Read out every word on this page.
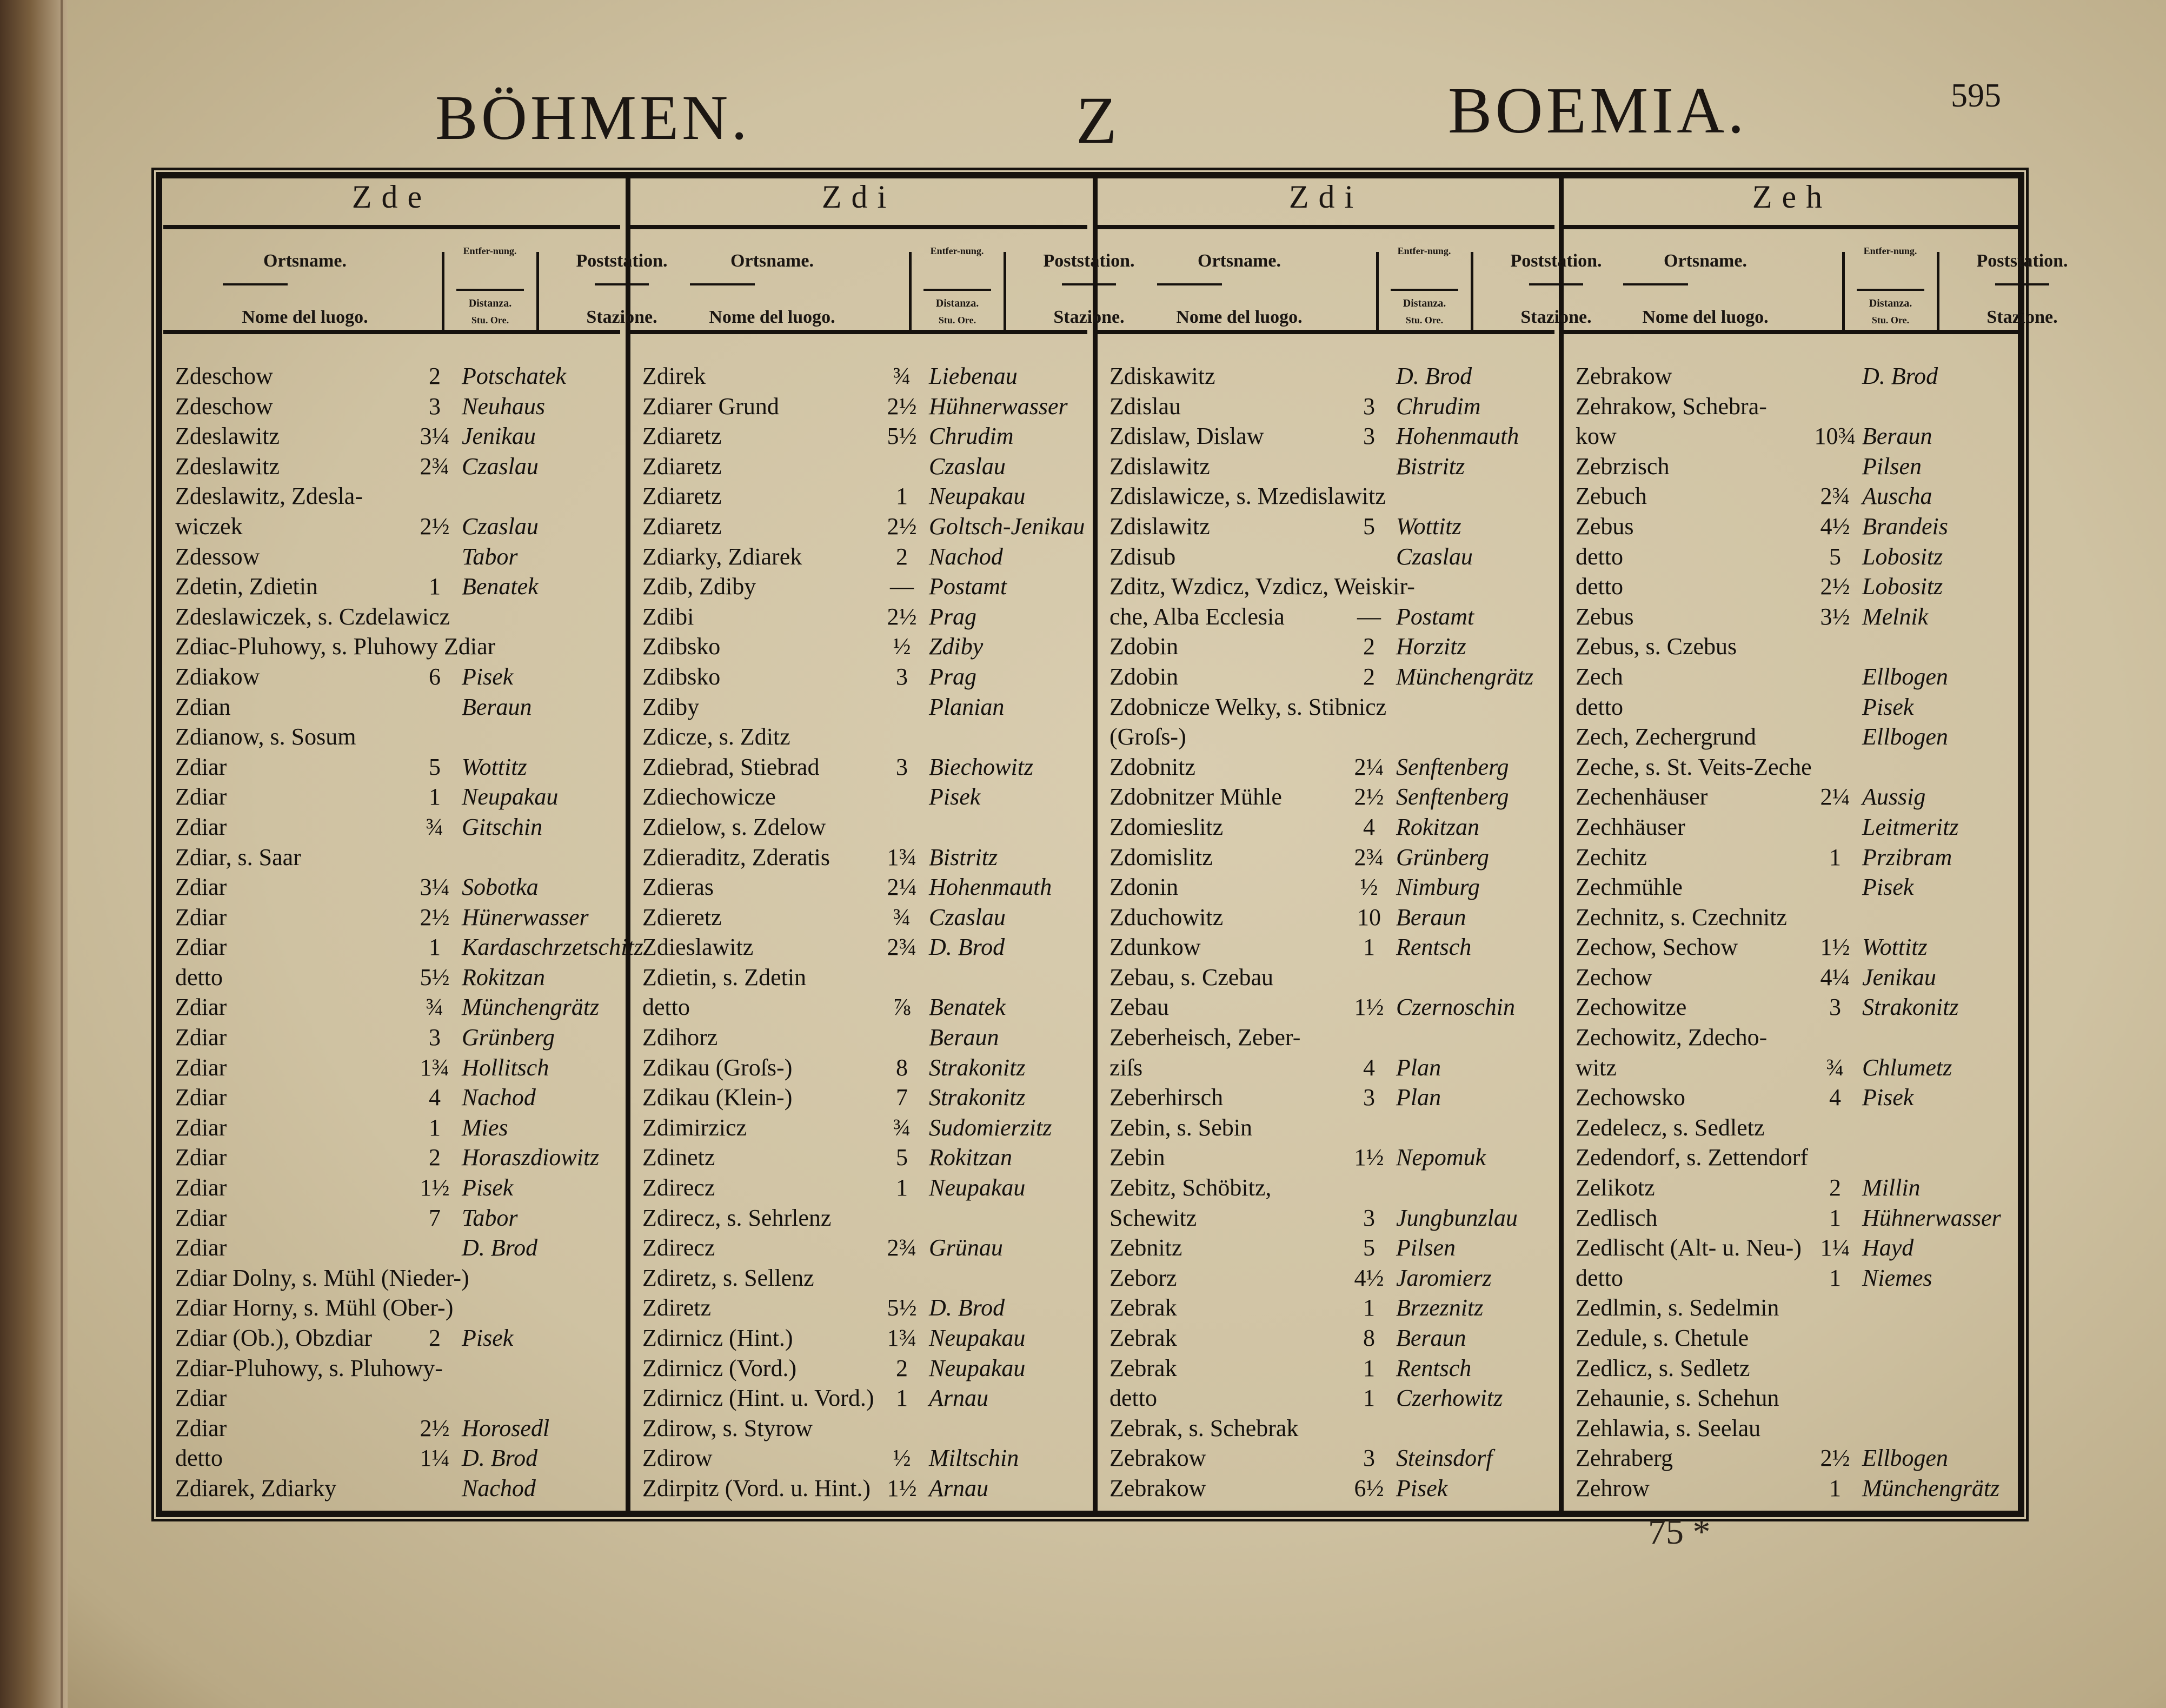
BÖHMEN.	Z	BOEMIA.	595
Zde
Ortsname.
Nome del luogo.
Entfer-nung.
Distanza.
Stu. Ore.
Poststation.
Stazione.
Zdeschow	2 Potschatek
Zdeschow	3 Neuhaus
Zdeslawitz	3¼ Jenikau
Zdeslawitz	2¾ Czaslau
Zdeslawitz, Zdesla-
wiczek	2½ Czaslau
Zdessow	Tabor
Zdetin, Zdietin	1 Benatek
Zdeslawiczek, s. Czdelawicz
Zdiac-Pluhowy, s. Pluhowy Zdiar
Zdiakow	6 Pisek
Zdian	Beraun
Zdianow, s. Sosum
Zdiar	5 Wottitz
Zdiar	1 Neupakau
Zdiar	¾ Gitschin
Zdiar, s. Saar
Zdiar	3¼ Sobotka
Zdiar	2½ Hünerwasser
Zdiar	1 Kardaschrzetschitz
detto	5½ Rokitzan
Zdiar	¾ Münchengrätz
Zdiar	3 Grünberg
Zdiar	1¾ Hollitsch
Zdiar	4 Nachod
Zdiar	1 Mies
Zdiar	2 Horaszdiowitz
Zdiar	1½ Pisek
Zdiar	7 Tabor
Zdiar	D. Brod
Zdiar Dolny, s. Mühl (Nieder-)
Zdiar Horny, s. Mühl (Ober-)
Zdiar (Ob.), Obzdiar	2 Pisek
Zdiar-Pluhowy, s. Pluhowy-
Zdiar
Zdiar	2½ Horosedl
detto	1¼ D. Brod
Zdiarek, Zdiarky	Nachod
Zdi
Ortsname.
Nome del luogo.
Entfer-nung.
Distanza.
Stu. Ore.
Poststation.
Stazione.
Zdirek	¾ Liebenau
Zdiarer Grund	2½ Hühnerwasser
Zdiaretz	5½ Chrudim
Zdiaretz	Czaslau
Zdiaretz	1 Neupakau
Zdiaretz	2½ Goltsch-Jenikau
Zdiarky, Zdiarek	2 Nachod
Zdib, Zdiby	— Postamt
Zdibi	2½ Prag
Zdibsko	½ Zdiby
Zdibsko	3 Prag
Zdiby	Planian
Zdicze, s. Zditz
Zdiebrad, Stiebrad	3 Biechowitz
Zdiechowicze	Pisek
Zdielow, s. Zdelow
Zdieraditz, Zderatis	1¾ Bistritz
Zdieras	2¼ Hohenmauth
Zdieretz	¾ Czaslau
Zdieslawitz	2¾ D. Brod
Zdietin, s. Zdetin
detto	⅞ Benatek
Zdihorz	Beraun
Zdikau (Groſs-)	8 Strakonitz
Zdikau (Klein-)	7 Strakonitz
Zdimirzicz	¾ Sudomierzitz
Zdinetz	5 Rokitzan
Zdirecz	1 Neupakau
Zdirecz, s. Sehrlenz
Zdirecz	2¾ Grünau
Zdiretz, s. Sellenz
Zdiretz	5½ D. Brod
Zdirnicz (Hint.)	1¾ Neupakau
Zdirnicz (Vord.)	2 Neupakau
Zdirnicz (Hint. u. Vord.) 1 Arnau
Zdirow, s. Styrow
Zdirow	½ Miltschin
Zdirpitz (Vord. u. Hint.) 1½ Arnau
Zdi
Ortsname.
Nome del luogo.
Entfer-nung.
Distanza.
Stu. Ore.
Poststation.
Stazione.
Zdiskawitz	D. Brod
Zdislau	3 Chrudim
Zdislaw, Dislaw	3 Hohenmauth
Zdislawitz	Bistritz
Zdislawicze, s. Mzedislawitz
Zdislawitz	5 Wottitz
Zdisub	Czaslau
Zditz, Wzdicz, Vzdicz, Weiskir-
che, Alba Ecclesia	— Postamt
Zdobin	2 Horzitz
Zdobin	2 Münchengrätz
Zdobnicze Welky, s. Stibnicz
(Groſs-)
Zdobnitz	2¼ Senftenberg
Zdobnitzer Mühle	2½ Senftenberg
Zdomieslitz	4 Rokitzan
Zdomislitz	2¾ Grünberg
Zdonin	½ Nimburg
Zduchowitz	10 Beraun
Zdunkow	1 Rentsch
Zebau, s. Czebau
Zebau	1½ Czernoschin
Zeberheisch, Zeber-
ziſs	4 Plan
Zeberhirsch	3 Plan
Zebin, s. Sebin
Zebin	1½ Nepomuk
Zebitz, Schöbitz,
Schewitz	3 Jungbunzlau
Zebnitz	5 Pilsen
Zeborz	4½ Jaromierz
Zebrak	1 Brzeznitz
Zebrak	8 Beraun
Zebrak	1 Rentsch
detto	1 Czerhowitz
Zebrak, s. Schebrak
Zebrakow	3 Steinsdorf
Zebrakow	6½ Pisek
Zeh
Ortsname.
Nome del luogo.
Entfer-nung.
Distanza.
Stu. Ore.
Poststation.
Stazione.
Zebrakow	D. Brod
Zehrakow, Schebra-
kow	10¾ Beraun
Zebrzisch	Pilsen
Zebuch	2¾ Auscha
Zebus	4½ Brandeis
detto	5 Lobositz
detto	2½ Lobositz
Zebus	3½ Melnik
Zebus, s. Czebus
Zech	Ellbogen
detto	Pisek
Zech, Zechergrund	Ellbogen
Zeche, s. St. Veits-Zeche
Zechenhäuser	2¼ Aussig
Zechhäuser	Leitmeritz
Zechitz	1 Przibram
Zechmühle	Pisek
Zechnitz, s. Czechnitz
Zechow, Sechow	1½ Wottitz
Zechow	4¼ Jenikau
Zechowitze	3 Strakonitz
Zechowitz, Zdecho-
witz	¾ Chlumetz
Zechowsko	4 Pisek
Zedelecz, s. Sedletz
Zedendorf, s. Zettendorf
Zelikotz	2 Millin
Zedlisch	1 Hühnerwasser
Zedlischt (Alt- u. Neu-) 1¼ Hayd
detto	1 Niemes
Zedlmin, s. Sedelmin
Zedule, s. Chetule
Zedlicz, s. Sedletz
Zehaunie, s. Schehun
Zehlawia, s. Seelau
Zehraberg	2½ Ellbogen
Zehrow	1 Münchengrätz
75 *
